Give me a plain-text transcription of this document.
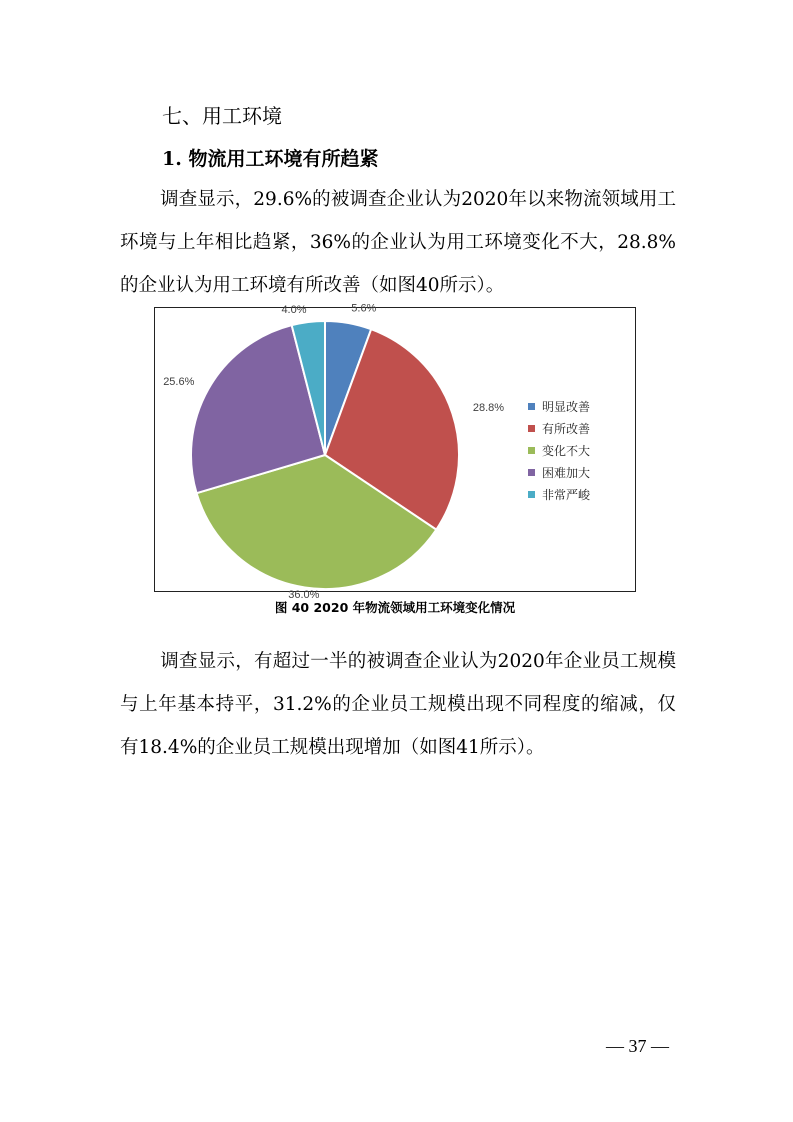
七、用工环境
1. 物流用工环境有所趋紧

调查显示，29.6%的被调查企业认为2020年以来物流领域用工环境与上年相比趋紧，36%的企业认为用工环境变化不大，28.8%的企业认为用工环境有所改善（如图40所示）。

5.6%
28.8%
36.0%
25.6%
4.0%
明显改善
有所改善
变化不大
困难加大
非常严峻
图 40 2020 年物流领域用工环境变化情况

调查显示，有超过一半的被调查企业认为2020年企业员工规模与上年基本持平，31.2%的企业员工规模出现不同程度的缩减，仅有18.4%的企业员工规模出现增加（如图41所示）。

— 37 —
